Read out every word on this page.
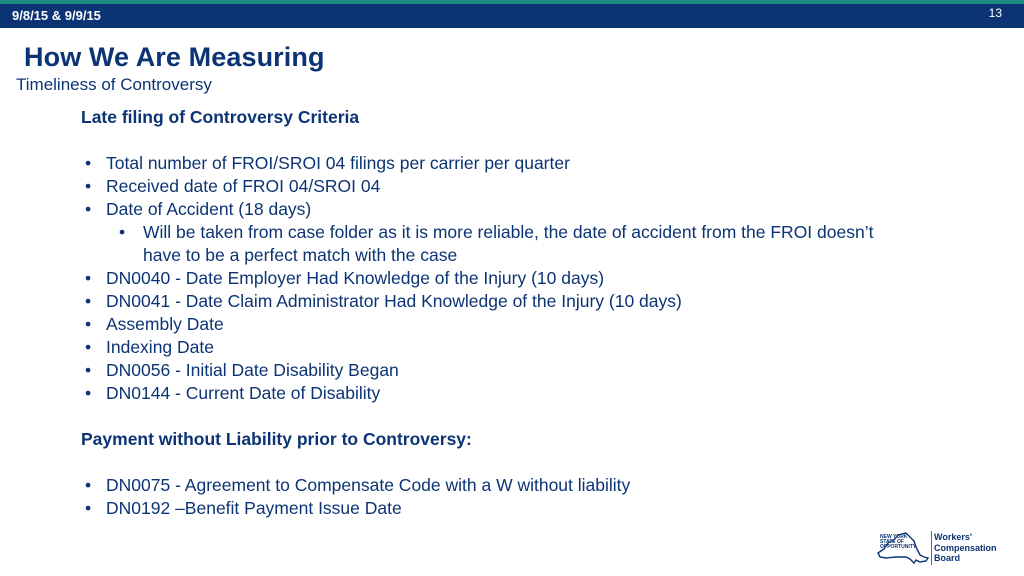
9/8/15 & 9/9/15	13
How We Are Measuring
Timeliness of Controversy
Late filing of Controversy Criteria
• Total number of FROI/SROI 04 filings per carrier per quarter
• Received date of FROI 04/SROI 04
• Date of Accident (18 days)
• Will be taken from case folder as it is more reliable, the date of accident from the FROI doesn’t have to be a perfect match with the case
• DN0040 - Date Employer Had Knowledge of the Injury (10 days)
• DN0041 - Date Claim Administrator Had Knowledge of the Injury (10 days)
• Assembly Date
• Indexing Date
• DN0056 - Initial Date Disability Began
• DN0144 - Current Date of Disability
Payment without Liability prior to Controversy:
• DN0075 - Agreement to Compensate Code with a W without liability
• DN0192 –Benefit Payment Issue Date
NEW YORK
STATE OF
OPPORTUNITY.
Workers'
Compensation
Board
